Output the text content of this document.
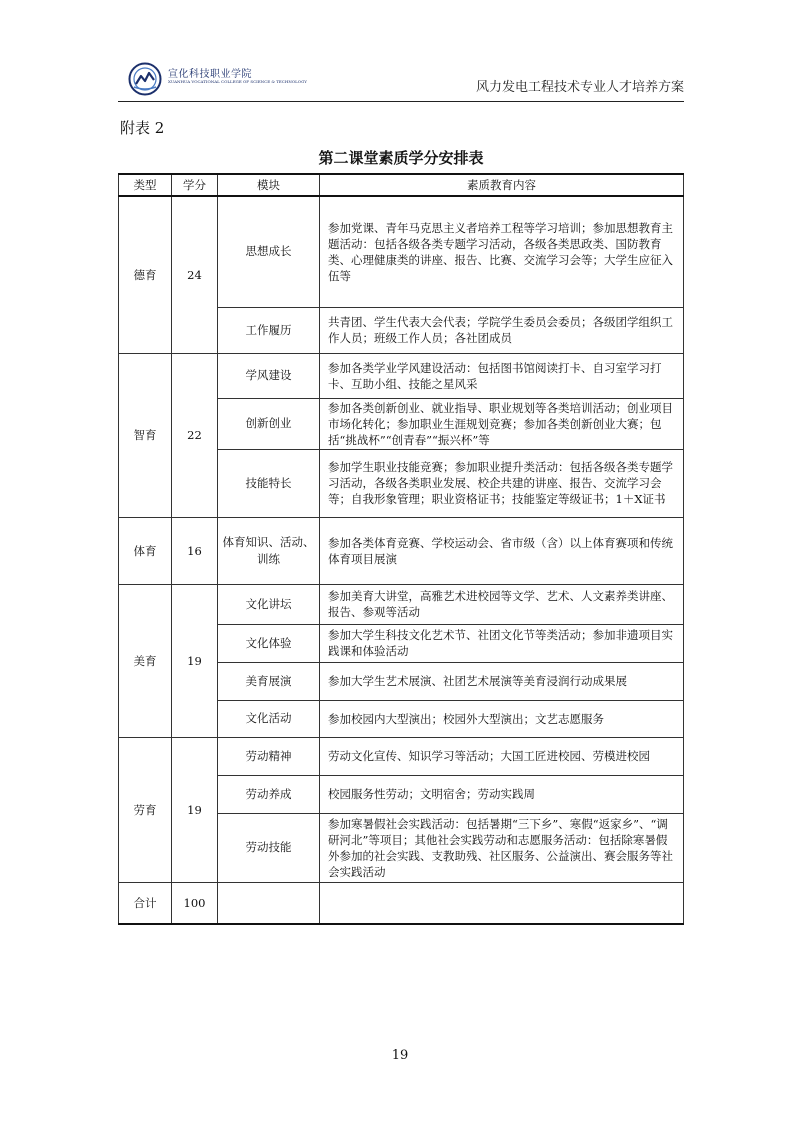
宣化科技职业学院
XUANHUA VOCATIONAL COLLEGE OF SCIENCE & TECHNOLOGY	风力发电工程技术专业人才培养方案
附表 2
第二课堂素质学分安排表
类型	学分	模块	素质教育内容
德育	24	思想成长	参加党课、青年马克思主义者培养工程等学习培训；参加思想教育主题活动：包括各级各类专题学习活动，各级各类思政类、国防教育类、心理健康类的讲座、报告、比赛、交流学习会等；大学生应征入伍等
		工作履历	共青团、学生代表大会代表；学院学生委员会委员；各级团学组织工作人员；班级工作人员；各社团成员
智育	22	学风建设	参加各类学业学风建设活动：包括图书馆阅读打卡、自习室学习打卡、互助小组、技能之星风采
		创新创业	参加各类创新创业、就业指导、职业规划等各类培训活动；创业项目市场化转化；参加职业生涯规划竞赛；参加各类创新创业大赛；包括“挑战杯”“创青春”“振兴杯”等
		技能特长	参加学生职业技能竞赛；参加职业提升类活动：包括各级各类专题学习活动，各级各类职业发展、校企共建的讲座、报告、交流学习会等；自我形象管理；职业资格证书；技能鉴定等级证书；1＋X证书
体育	16	体育知识、活动、训练	参加各类体育竞赛、学校运动会、省市级（含）以上体育赛项和传统体育项目展演
美育	19	文化讲坛	参加美育大讲堂，高雅艺术进校园等文学、艺术、人文素养类讲座、报告、参观等活动
		文化体验	参加大学生科技文化艺术节、社团文化节等类活动；参加非遗项目实践课和体验活动
		美育展演	参加大学生艺术展演、社团艺术展演等美育浸润行动成果展
		文化活动	参加校园内大型演出；校园外大型演出；文艺志愿服务
劳育	19	劳动精神	劳动文化宣传、知识学习等活动；大国工匠进校园、劳模进校园
		劳动养成	校园服务性劳动；文明宿舍；劳动实践周
		劳动技能	参加寒暑假社会实践活动：包括暑期“三下乡”、寒假“返家乡”、“调研河北”等项目；其他社会实践劳动和志愿服务活动：包括除寒暑假外参加的社会实践、支教助残、社区服务、公益演出、赛会服务等社会实践活动
合计	100		
19
